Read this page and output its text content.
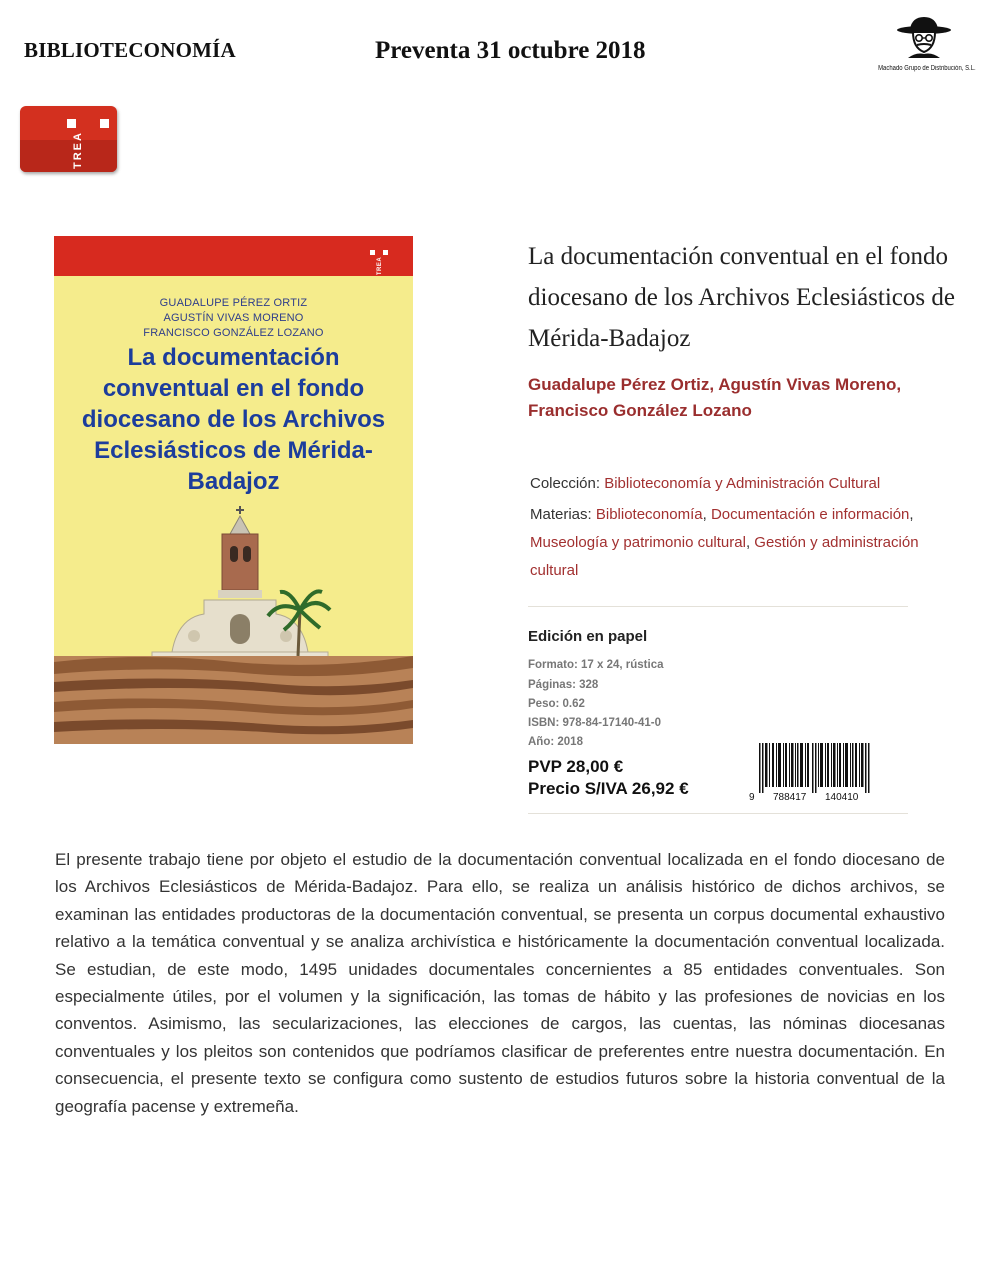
BIBLIOTECONOMÍA	Preventa 31 octubre 2018
Machado Grupo de Distribución, S.L.
TREA
TREA
GUADALUPE PÉREZ ORTIZ
AGUSTÍN VIVAS MORENO
FRANCISCO GONZÁLEZ LOZANO
La documentación conventual en el fondo diocesano de los Archivos Eclesiásticos de Mérida-Badajoz
La documentación conventual en el fondo diocesano de los Archivos Eclesiásticos de Mérida-Badajoz
Guadalupe Pérez Ortiz, Agustín Vivas Moreno, Francisco González Lozano
Colección: Biblioteconomía y Administración Cultural
Materias: Biblioteconomía, Documentación e información, Museología y patrimonio cultural, Gestión y administración cultural
Edición en papel
Formato: 17 x 24, rústica
Páginas: 328
Peso: 0.62
ISBN: 978-84-17140-41-0
Año: 2018
PVP 28,00 €
Precio S/IVA 26,92 €	9 788417 140410
El presente trabajo tiene por objeto el estudio de la documentación conventual localizada en el fondo diocesano de los Archivos Eclesiásticos de Mérida-Badajoz. Para ello, se realiza un análisis histórico de dichos archivos, se examinan las entidades productoras de la documentación conventual, se presenta un corpus documental exhaustivo relativo a la temática conventual y se analiza archivística e históricamente la documentación conventual localizada. Se estudian, de este modo, 1495 unidades documentales concernientes a 85 entidades conventuales. Son especialmente útiles, por el volumen y la significación, las tomas de hábito y las profesiones de novicias en los conventos. Asimismo, las secularizaciones, las elecciones de cargos, las cuentas, las nóminas diocesanas conventuales y los pleitos son contenidos que podríamos clasificar de preferentes entre nuestra documentación. En consecuencia, el presente texto se configura como sustento de estudios futuros sobre la historia conventual de la geografía pacense y extremeña.
